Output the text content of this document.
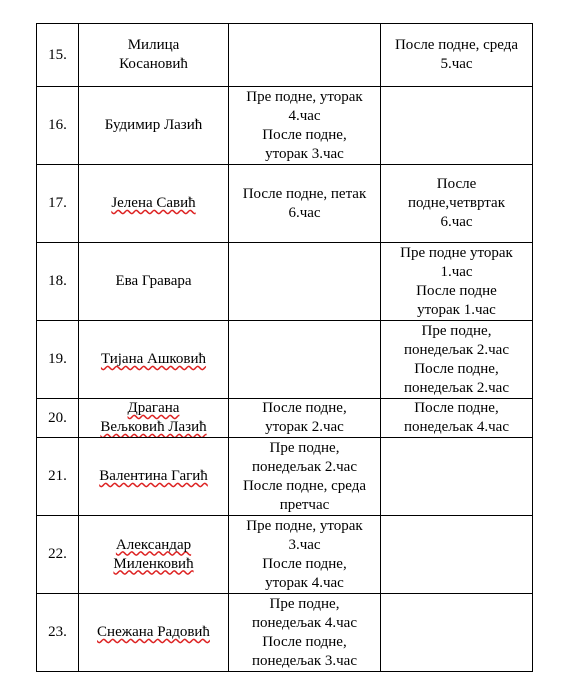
15.	Милица
Косановић		После подне, среда
5.час

16.	Будимир Лазић	Пре подне, уторак
4.час
После подне,
уторак 3.час	

17.	Јелена Савић	После подне, петак
6.час	После
подне,четвртак
6.час

18.	Ева Гравара		Пре подне уторак
1.час
После подне
уторак 1.час

19.	Тијана Ашковић		Пре подне,
понедељак 2.час
После подне,
понедељак 2.час

20.	Драгана
Вељковић Лазић	После подне,
уторак 2.час	После подне,
понедељак 4.час

21.	Валентина Гагић	Пре подне,
понедељак 2.час
После подне, среда
претчас	

22.	Александар
Миленковић	Пре подне, уторак
3.час
После подне,
уторак 4.час	

23.	Снежана Радовић	Пре подне,
понедељак 4.час
После подне,
понедељак 3.час	
